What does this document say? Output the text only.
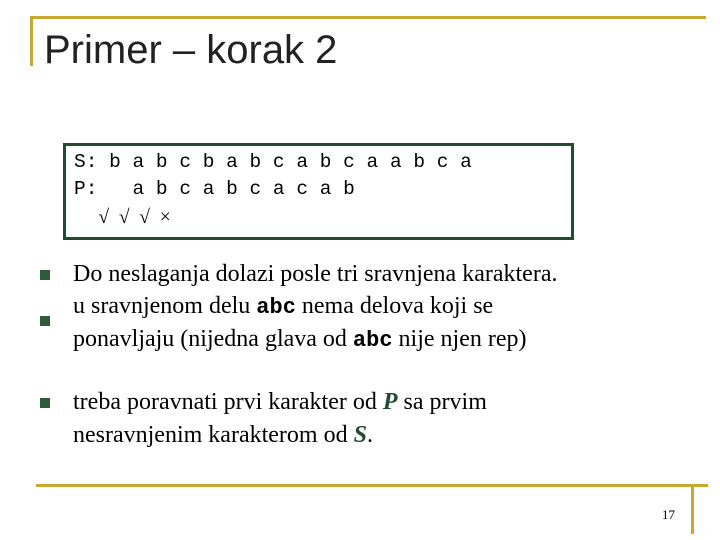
Primer – korak 2
S: b a b c b a b c a b c a a b c a
P:   a b c a b c a c a b
√  √  √  ×
Do neslaganja dolazi posle tri sravnjena karaktera.
u sravnjenom delu abc nema delova koji se
ponavljaju (nijedna glava od abc nije njen rep)
treba poravnati prvi karakter od P sa prvim
nesravnjenim karakterom od S.
17
